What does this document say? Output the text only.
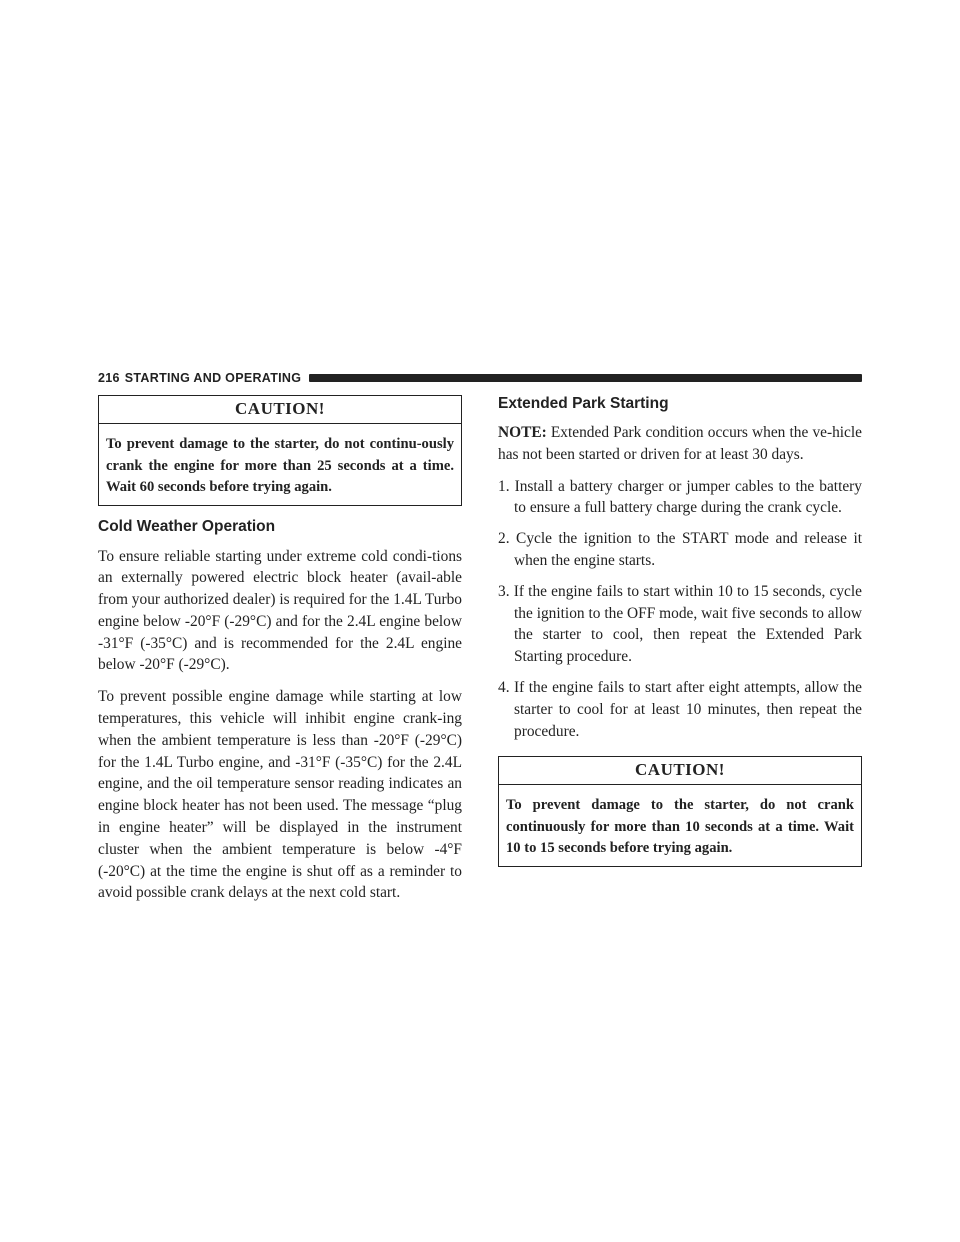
216 STARTING AND OPERATING
CAUTION!
To prevent damage to the starter, do not continu-ously crank the engine for more than 25 seconds at a time. Wait 60 seconds before trying again.
Cold Weather Operation

To ensure reliable starting under extreme cold condi-tions an externally powered electric block heater (avail-able from your authorized dealer) is required for the 1.4L Turbo engine below -20°F (-29°C) and for the 2.4L engine below -31°F (-35°C) and is recommended for the 2.4L engine below -20°F (-29°C).

To prevent possible engine damage while starting at low temperatures, this vehicle will inhibit engine crank-ing when the ambient temperature is less than -20°F (-29°C) for the 1.4L Turbo engine, and -31°F (-35°C) for the 2.4L engine, and the oil temperature sensor reading indicates an engine block heater has not been used. The message “plug in engine heater” will be displayed in the instrument cluster when the ambient temperature is below -4°F (-20°C) at the time the engine is shut off as a reminder to avoid possible crank delays at the next cold start.

Extended Park Starting

NOTE: Extended Park condition occurs when the ve-hicle has not been started or driven for at least 30 days.

1. Install a battery charger or jumper cables to the battery to ensure a full battery charge during the crank cycle.
2. Cycle the ignition to the START mode and release it when the engine starts.
3. If the engine fails to start within 10 to 15 seconds, cycle the ignition to the OFF mode, wait five seconds to allow the starter to cool, then repeat the Extended Park Starting procedure.
4. If the engine fails to start after eight attempts, allow the starter to cool for at least 10 minutes, then repeat the procedure.
CAUTION!
To prevent damage to the starter, do not crank continuously for more than 10 seconds at a time. Wait 10 to 15 seconds before trying again.
